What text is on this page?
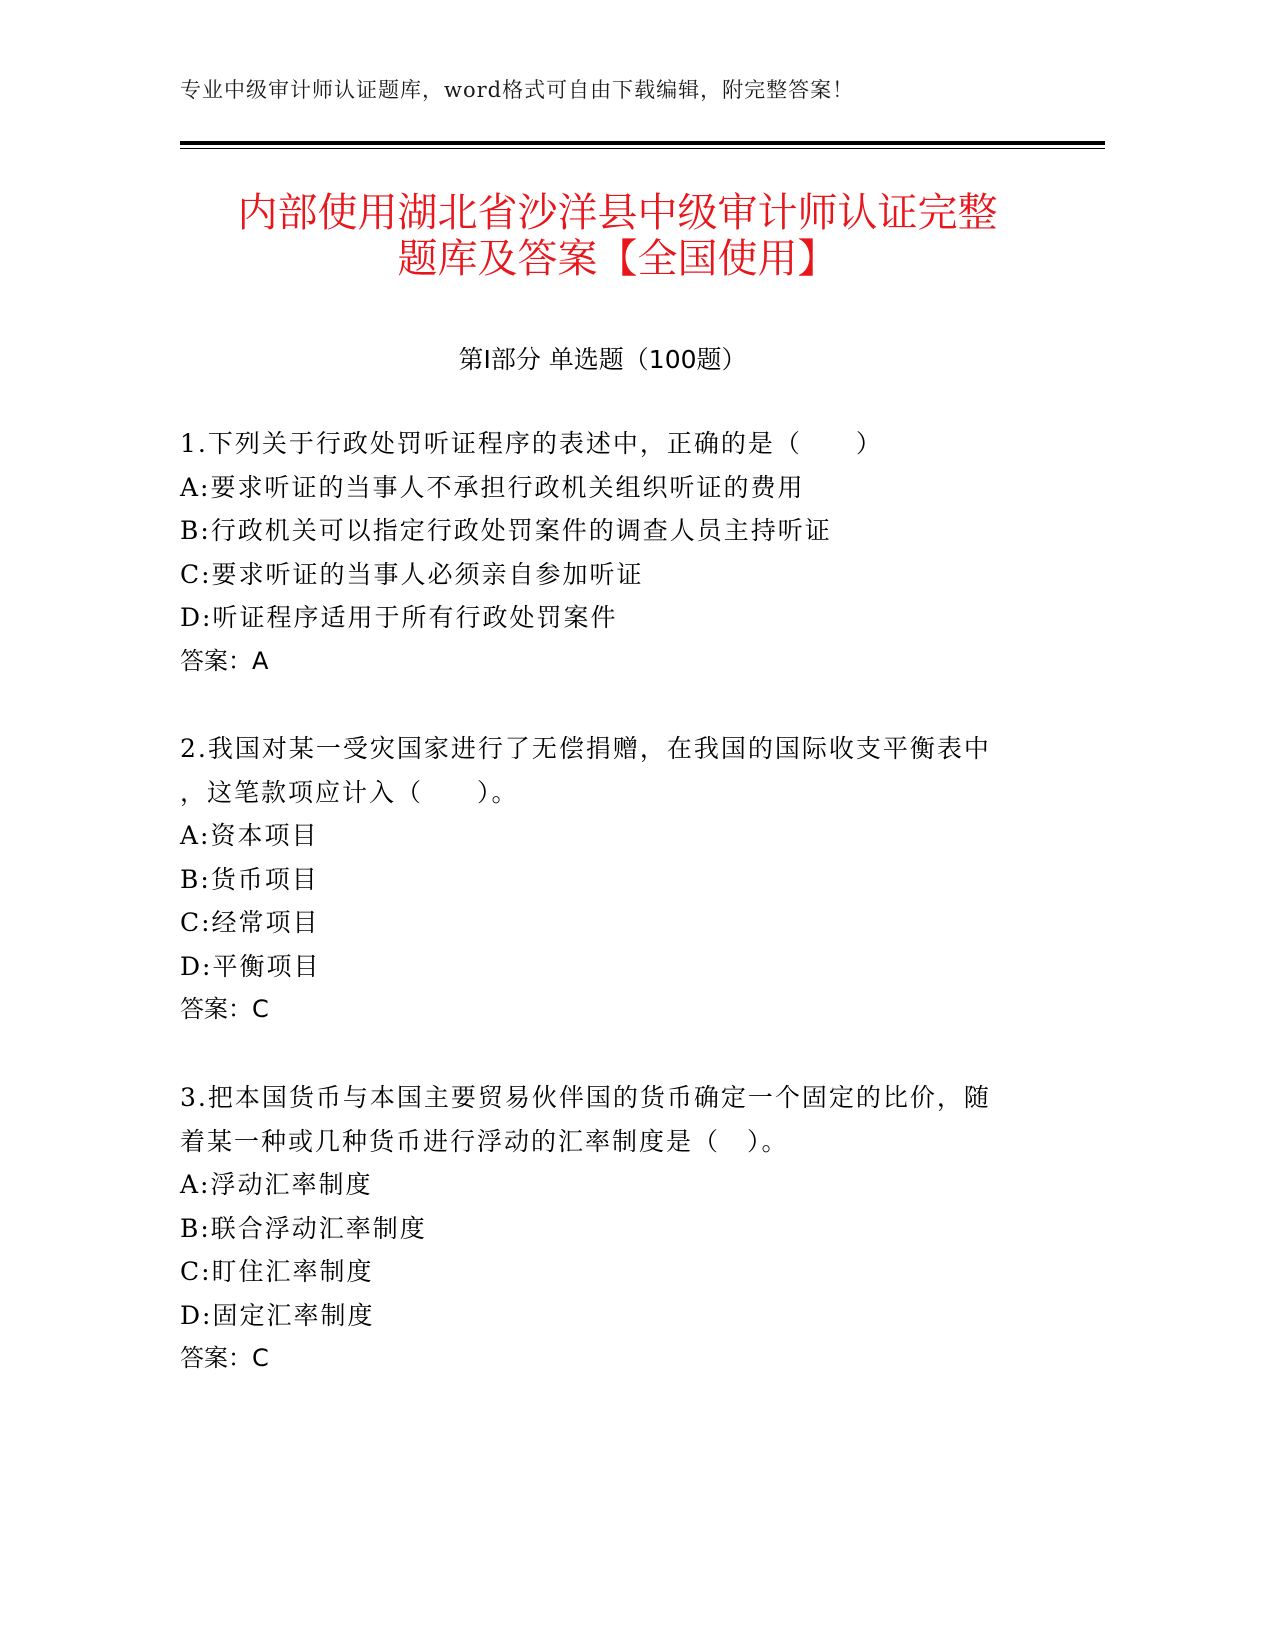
专业中级审计师认证题库，word格式可自由下载编辑，附完整答案！
内部使用湖北省沙洋县中级审计师认证完整
题库及答案【全国使用】
第Ⅰ部分 单选题（100题）
1.下列关于行政处罚听证程序的表述中，正确的是（　　）
A:要求听证的当事人不承担行政机关组织听证的费用
B:行政机关可以指定行政处罚案件的调查人员主持听证
C:要求听证的当事人必须亲自参加听证
D:听证程序适用于所有行政处罚案件
答案：A
2.我国对某一受灾国家进行了无偿捐赠，在我国的国际收支平衡表中
，这笔款项应计入（　　）。
A:资本项目
B:货币项目
C:经常项目
D:平衡项目
答案：C
3.把本国货币与本国主要贸易伙伴国的货币确定一个固定的比价，随
着某一种或几种货币进行浮动的汇率制度是（　）。
A:浮动汇率制度
B:联合浮动汇率制度
C:盯住汇率制度
D:固定汇率制度
答案：C
